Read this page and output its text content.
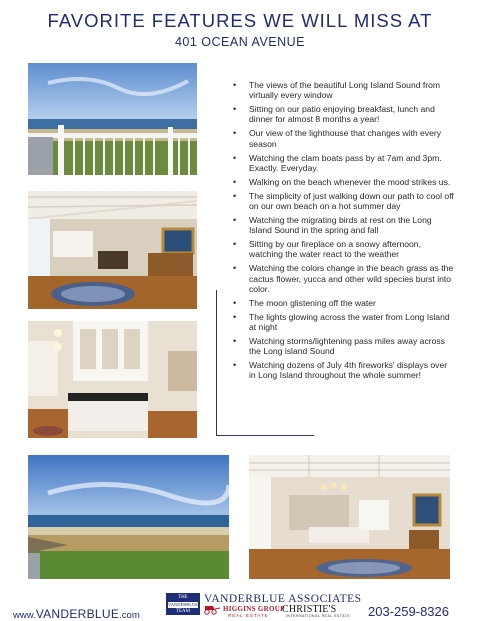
FAVORITE FEATURES WE WILL MISS AT
401 OCEAN AVENUE
• The views of the beautiful Long Island Sound from virtually every window
• Sitting on our patio enjoying breakfast, lunch and dinner for almost 8 months a year!
• Our view of the lighthouse that changes with every season
• Watching the clam boats pass by at 7am and 3pm. Exactly. Everyday.
• Walking on the beach whenever the mood strikes us.
• The simplicity of just walking down our path to cool off on our own beach on a hot summer day
• Watching the migrating birds at rest on the Long Island Sound in the spring and fall
• Sitting by our fireplace on a snowy afternoon, watching the water react to the weather
• Watching the colors change in the beach grass as the cactus flower, yucca and other wild species burst into color.
• The moon glistening off the water
• The lights glowing across the water from Long Island at night
• Watching storms/lightening pass miles away across the Long island Sound
• Watching dozens of July 4th fireworks' displays over in Long Island throughout the whole summer!
www.VANDERBLUE.com
THE
VANDERBLUE
TEAM
VANDERBLUE ASSOCIATES
HIGGINS GROUP
REAL ESTATE
CHRISTIE'S
INTERNATIONAL REAL ESTATE 203-259-8326
